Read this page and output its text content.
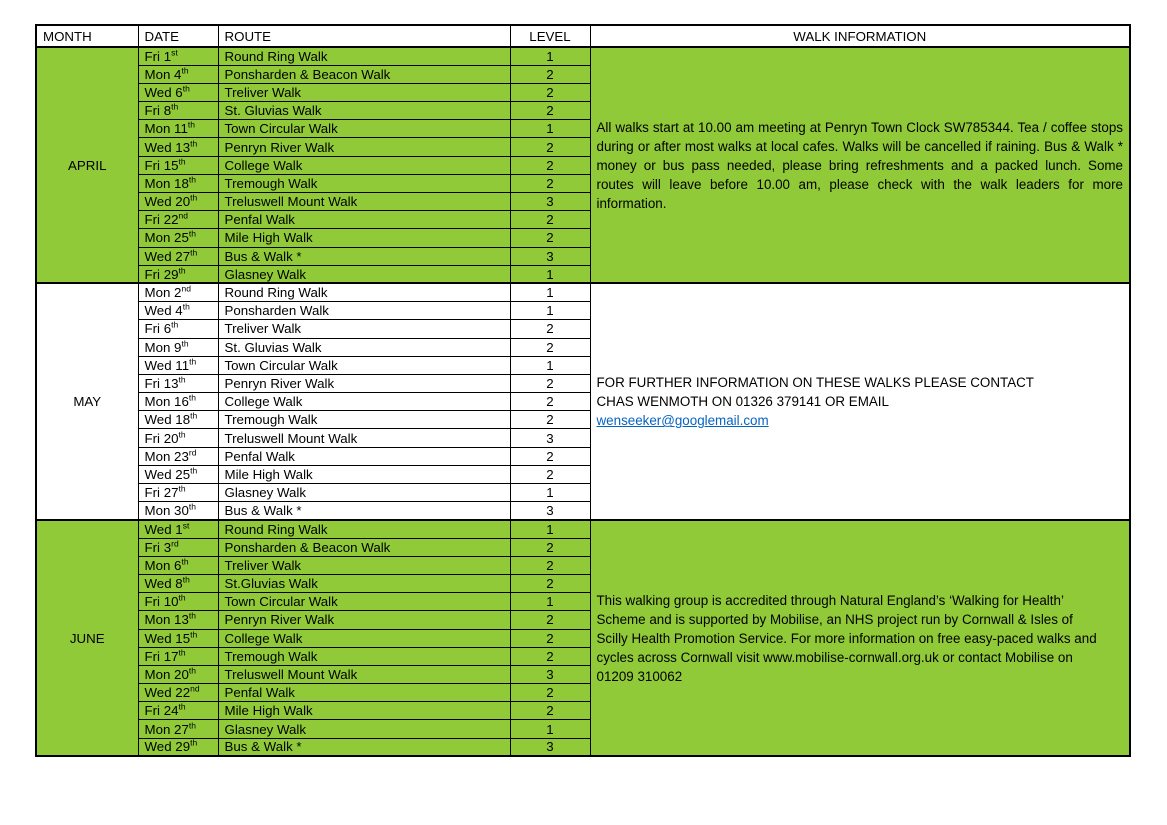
MONTH	DATE	ROUTE	LEVEL	WALK INFORMATION
APRIL	Fri 1st	Round Ring Walk	1	All walks start at 10.00 am meeting at Penryn Town Clock SW785344. Tea / coffee stops during or after most walks at local cafes. Walks will be cancelled if raining. Bus & Walk * money or bus pass needed, please bring refreshments and a packed lunch. Some routes will leave before 10.00 am, please check with the walk leaders for more information.

	Mon 4th	Ponsharden & Beacon Walk	2	
	Wed 6th	Treliver Walk	2	
	Fri 8th	St. Gluvias Walk	2	
	Mon 11th	Town Circular Walk	1	
	Wed 13th	Penryn River Walk	2	
	Fri 15th	College Walk	2	
	Mon 18th	Tremough Walk	2	
	Wed 20th	Treluswell Mount Walk	3	
	Fri 22nd	Penfal Walk	2	
	Mon 25th	Mile High Walk	2	
	Wed 27th	Bus & Walk *	3	
	Fri 29th	Glasney Walk	1	
MAY	Mon 2nd	Round Ring Walk	1	FOR FURTHER INFORMATION ON THESE WALKS PLEASE CONTACT
CHAS WENMOTH ON 01326 379141 OR EMAIL
wenseeker@googlemail.com

	Wed 4th	Ponsharden Walk	1	
	Fri 6th	Treliver Walk	2	
	Mon 9th	St. Gluvias Walk	2	
	Wed 11th	Town Circular Walk	1	
	Fri 13th	Penryn River Walk	2	
	Mon 16th	College Walk	2	
	Wed 18th	Tremough Walk	2	
	Fri 20th	Treluswell Mount Walk	3	
	Mon 23rd	Penfal Walk	2	
	Wed 25th	Mile High Walk	2	
	Fri 27th	Glasney Walk	1	
	Mon 30th	Bus & Walk *	3	
JUNE	Wed 1st	Round Ring Walk	1	This walking group is accredited through Natural England’s ‘Walking for Health’ Scheme and is supported by Mobilise, an NHS project run by Cornwall & Isles of Scilly Health Promotion Service. For more information on free easy-paced walks and cycles across Cornwall visit www.mobilise-cornwall.org.uk or contact Mobilise on 01209 310062

	Fri 3rd	Ponsharden & Beacon Walk	2	
	Mon 6th	Treliver Walk	2	
	Wed 8th	St.Gluvias Walk	2	
	Fri 10th	Town Circular Walk	1	
	Mon 13th	Penryn River Walk	2	
	Wed 15th	College Walk	2	
	Fri 17th	Tremough Walk	2	
	Mon 20th	Treluswell Mount Walk	3	
	Wed 22nd	Penfal Walk	2	
	Fri 24th	Mile High Walk	2	
	Mon 27th	Glasney Walk	1	
	Wed 29th	Bus & Walk *	3	
